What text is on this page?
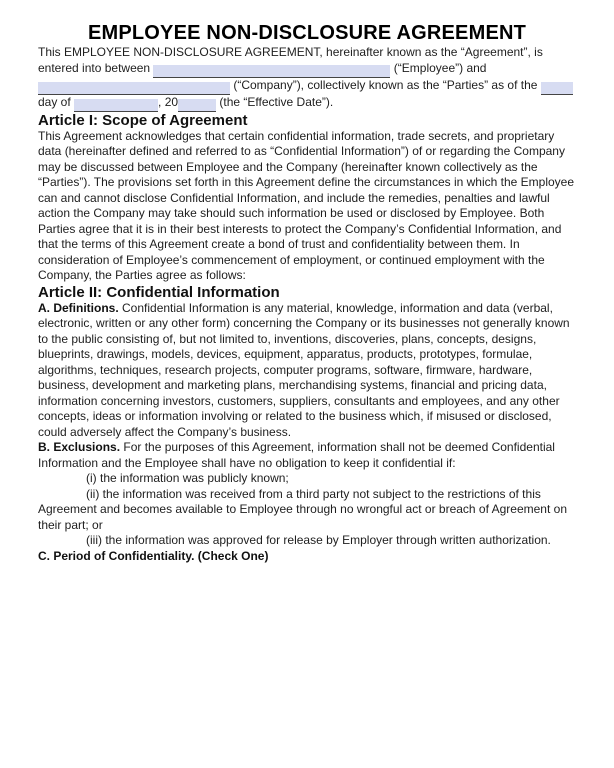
EMPLOYEE NON-DISCLOSURE AGREEMENT

This EMPLOYEE NON-DISCLOSURE AGREEMENT, hereinafter known as the “Agreement”, is entered into between	(“Employee”) and  (“Company”), collectively known as the “Parties” as of the  day of	, 20	(the “Effective Date”).

Article I: Scope of Agreement

This Agreement acknowledges that certain confidential information, trade secrets, and proprietary data (hereinafter defined and referred to as “Confidential Information”) of or regarding the Company may be discussed between Employee and the Company (hereinafter known collectively as the “Parties”). The provisions set forth in this Agreement define the circumstances in which the Employee can and cannot disclose Confidential Information, and include the remedies, penalties and lawful action the Company may take should such information be used or disclosed by Employee. Both Parties agree that it is in their best interests to protect the Company’s Confidential Information, and that the terms of this Agreement create a bond of trust and confidentiality between them. In consideration of Employee’s commencement of employment, or continued employment with the Company, the Parties agree as follows:

Article II: Confidential Information

A. Definitions. Confidential Information is any material, knowledge, information and data (verbal, electronic, written or any other form) concerning the Company or its businesses not generally known to the public consisting of, but not limited to, inventions, discoveries, plans, concepts, designs, blueprints, drawings, models, devices, equipment, apparatus, products, prototypes, formulae, algorithms, techniques, research projects, computer programs, software, firmware, hardware, business, development and marketing plans, merchandising systems, financial and pricing data, information concerning investors, customers, suppliers, consultants and employees, and any other concepts, ideas or information involving or related to the business which, if misused or disclosed, could adversely affect the Company’s business.

B. Exclusions. For the purposes of this Agreement, information shall not be deemed Confidential Information and the Employee shall have no obligation to keep it confidential if:

(i) the information was publicly known;

(ii) the information was received from a third party not subject to the restrictions of this Agreement and becomes available to Employee through no wrongful act or breach of Agreement on their part; or

(iii) the information was approved for release by Employer through written authorization.

C. Period of Confidentiality. (Check One)
